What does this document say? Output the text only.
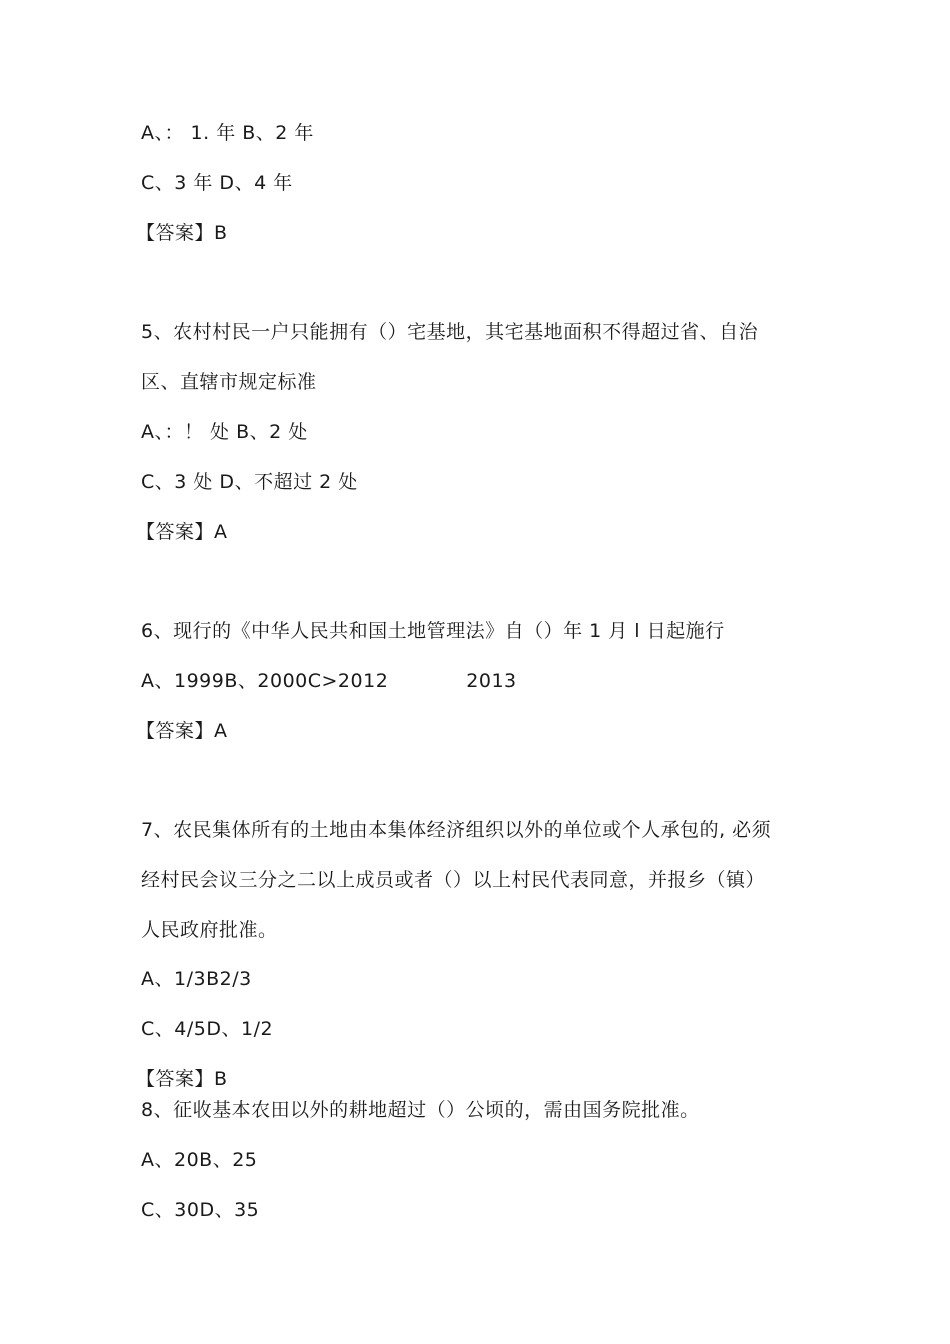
A、： 1. 年 B、2 年
C、3 年 D、4 年
【答案】B
5、农村村民一户只能拥有（）宅基地，其宅基地面积不得超过省、自治
区、直辖市规定标准
A、：！ 处 B、2 处
C、3 处 D、不超过 2 处
【答案】A
6、现行的《中华人民共和国土地管理法》自（）年 1 月 l 日起施行
A、1999B、2000C>2012	2013
【答案】A
7、农民集体所有的土地由本集体经济组织以外的单位或个人承包的, 必须
经村民会议三分之二以上成员或者（）以上村民代表同意，并报乡（镇）
人民政府批准。
A、1/3B2/3
C、4/5D、1/2
【答案】B
8、征收基本农田以外的耕地超过（）公顷的，需由国务院批准。
A、20B、25
C、30D、35
